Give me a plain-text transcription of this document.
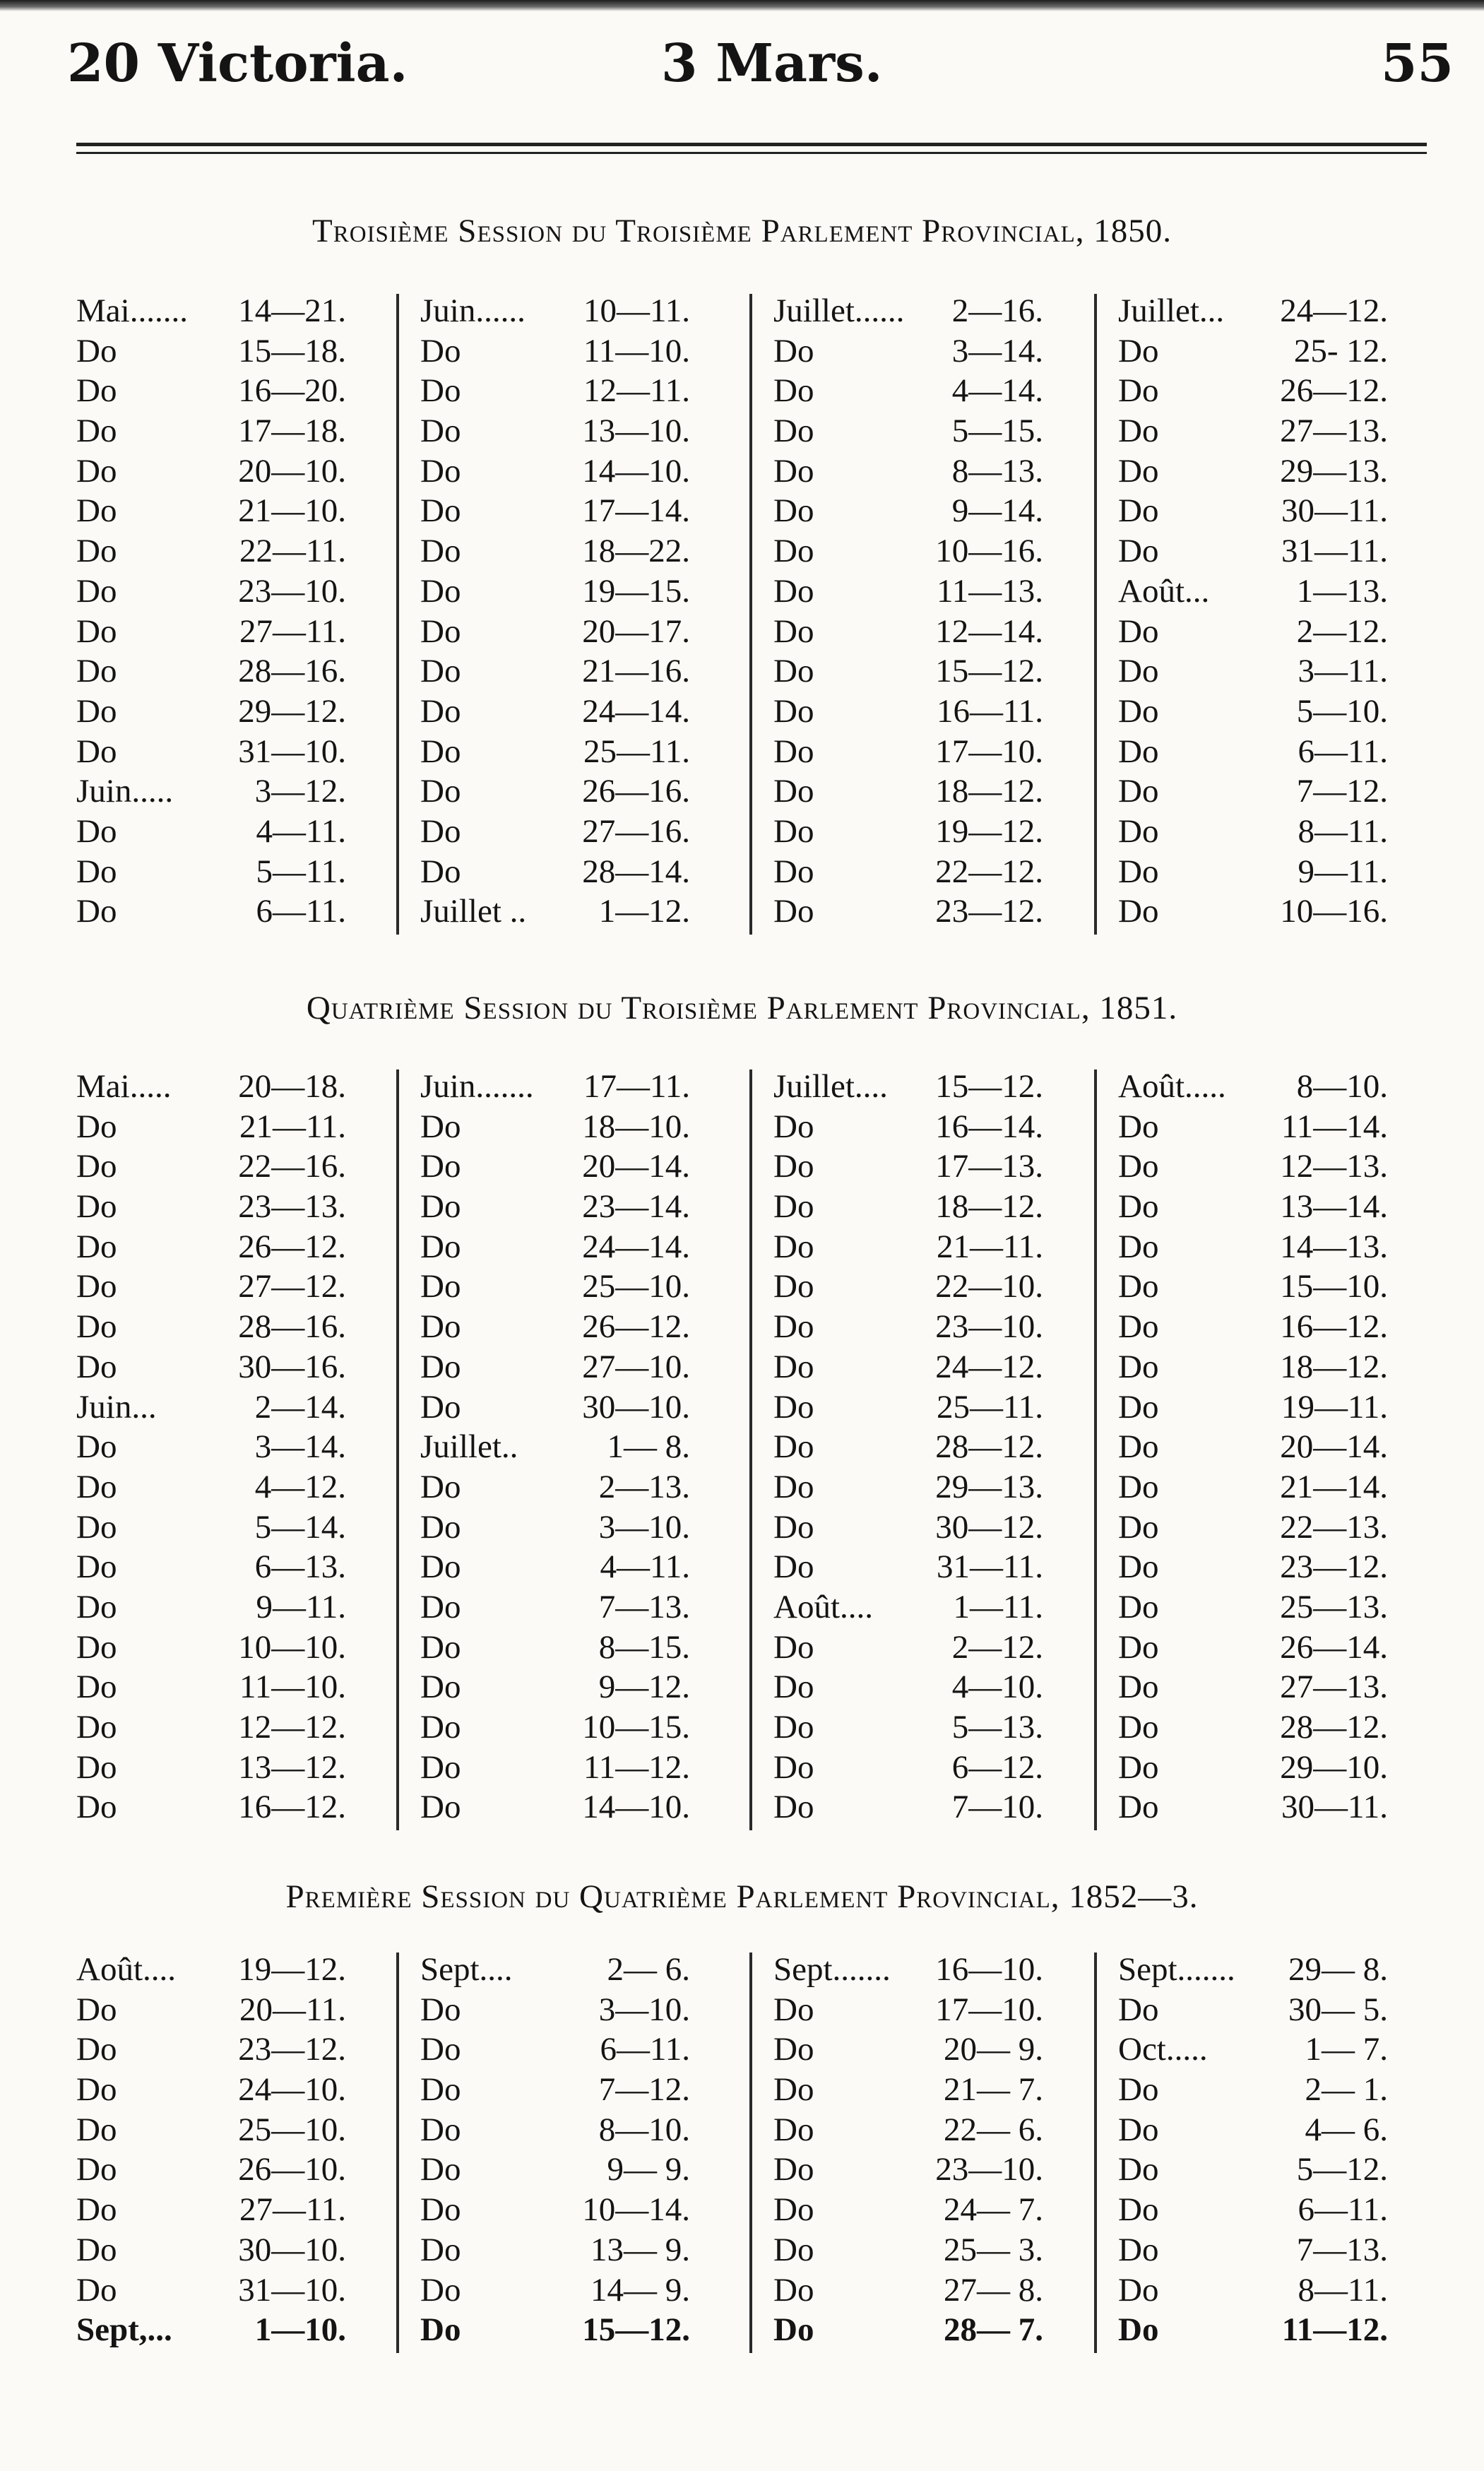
20 Victoria.	3 Mars.	55
Troisième Session du Troisième Parlement Provincial, 1850.
Mai....... 14—21.
Do	15—18.
Do	16—20.
Do	17—18.
Do	20—10.
Do	21—10.
Do	22—11.
Do	23—10.
Do	27—11.
Do	28—16.
Do	29—12.
Do	31—10.
Juin..... 3—12.
Do	4—11.
Do	5—11.
Do	6—11.
Juin...... 10—11.
Do	11—10.
Do	12—11.
Do	13—10.
Do	14—10.
Do	17—14.
Do	18—22.
Do	19—15.
Do	20—17.
Do	21—16.
Do	24—14.
Do	25—11.
Do	26—16.
Do	27—16.
Do	28—14.
Juillet .. 1—12.
Juillet...... 2—16.
Do	3—14.
Do	4—14.
Do	5—15.
Do	8—13.
Do	9—14.
Do	10—16.
Do	11—13.
Do	12—14.
Do	15—12.
Do	16—11.
Do	17—10.
Do	18—12.
Do	19—12.
Do	22—12.
Do	23—12.
Juillet... 24—12.
Do	25- 12.
Do	26—12.
Do	27—13.
Do	29—13.
Do	30—11.
Do	31—11.
Août...	1—13.
Do	2—12.
Do	3—11.
Do	5—10.
Do	6—11.
Do	7—12.
Do	8—11.
Do	9—11.
Do	10—16.
Quatrième Session du Troisième Parlement Provincial, 1851.
Mai..... 20—18.
Do	21—11.
Do	22—16.
Do	23—13.
Do	26—12.
Do	27—12.
Do	28—16.
Do	30—16.
Juin...	2—14.
Do	3—14.
Do	4—12.
Do	5—14.
Do	6—13.
Do	9—11.
Do	10—10.
Do	11—10.
Do	12—12.
Do	13—12.
Do	16—12.
Juin....... 17—11.
Do	18—10.
Do	20—14.
Do	23—14.
Do	24—14.
Do	25—10.
Do	26—12.
Do	27—10.
Do	30—10.
Juillet..	1— 8.
Do	2—13.
Do	3—10.
Do	4—11.
Do	7—13.
Do	8—15.
Do	9—12.
Do	10—15.
Do	11—12.
Do	14—10.
Juillet.... 15—12.
Do	16—14.
Do	17—13.
Do	18—12.
Do	21—11.
Do	22—10.
Do	23—10.
Do	24—12.
Do	25—11.
Do	28—12.
Do	29—13.
Do	30—12.
Do	31—11.
Août.... 1—11.
Do	2—12.
Do	4—10.
Do	5—13.
Do	6—12.
Do	7—10.
Août..... 8—10.
Do	11—14.
Do	12—13.
Do	13—14.
Do	14—13.
Do	15—10.
Do	16—12.
Do	18—12.
Do	19—11.
Do	20—14.
Do	21—14.
Do	22—13.
Do	23—12.
Do	25—13.
Do	26—14.
Do	27—13.
Do	28—12.
Do	29—10.
Do	30—11.
Première Session du Quatrième Parlement Provincial, 1852—3.
Août.... 19—12.
Do	20—11.
Do	23—12.
Do	24—10.
Do	25—10.
Do	26—10.
Do	27—11.
Do	30—10.
Do	31—10.
Sept,... 1—10.
Sept....	2— 6.
Do	3—10.
Do	6—11.
Do	7—12.
Do	8—10.
Do	9— 9.
Do	10—14.
Do	13— 9.
Do	14— 9.
Do	15—12.
Sept....... 16—10.
Do	17—10.
Do	20— 9.
Do	21— 7.
Do	22— 6.
Do	23—10.
Do	24— 7.
Do	25— 3.
Do	27— 8.
Do	28— 7.
Sept....... 29— 8.
Do	30— 5.
Oct.....	1— 7.
Do	2— 1.
Do	4— 6.
Do	5—12.
Do	6—11.
Do	7—13.
Do	8—11.
Do	11—12.
